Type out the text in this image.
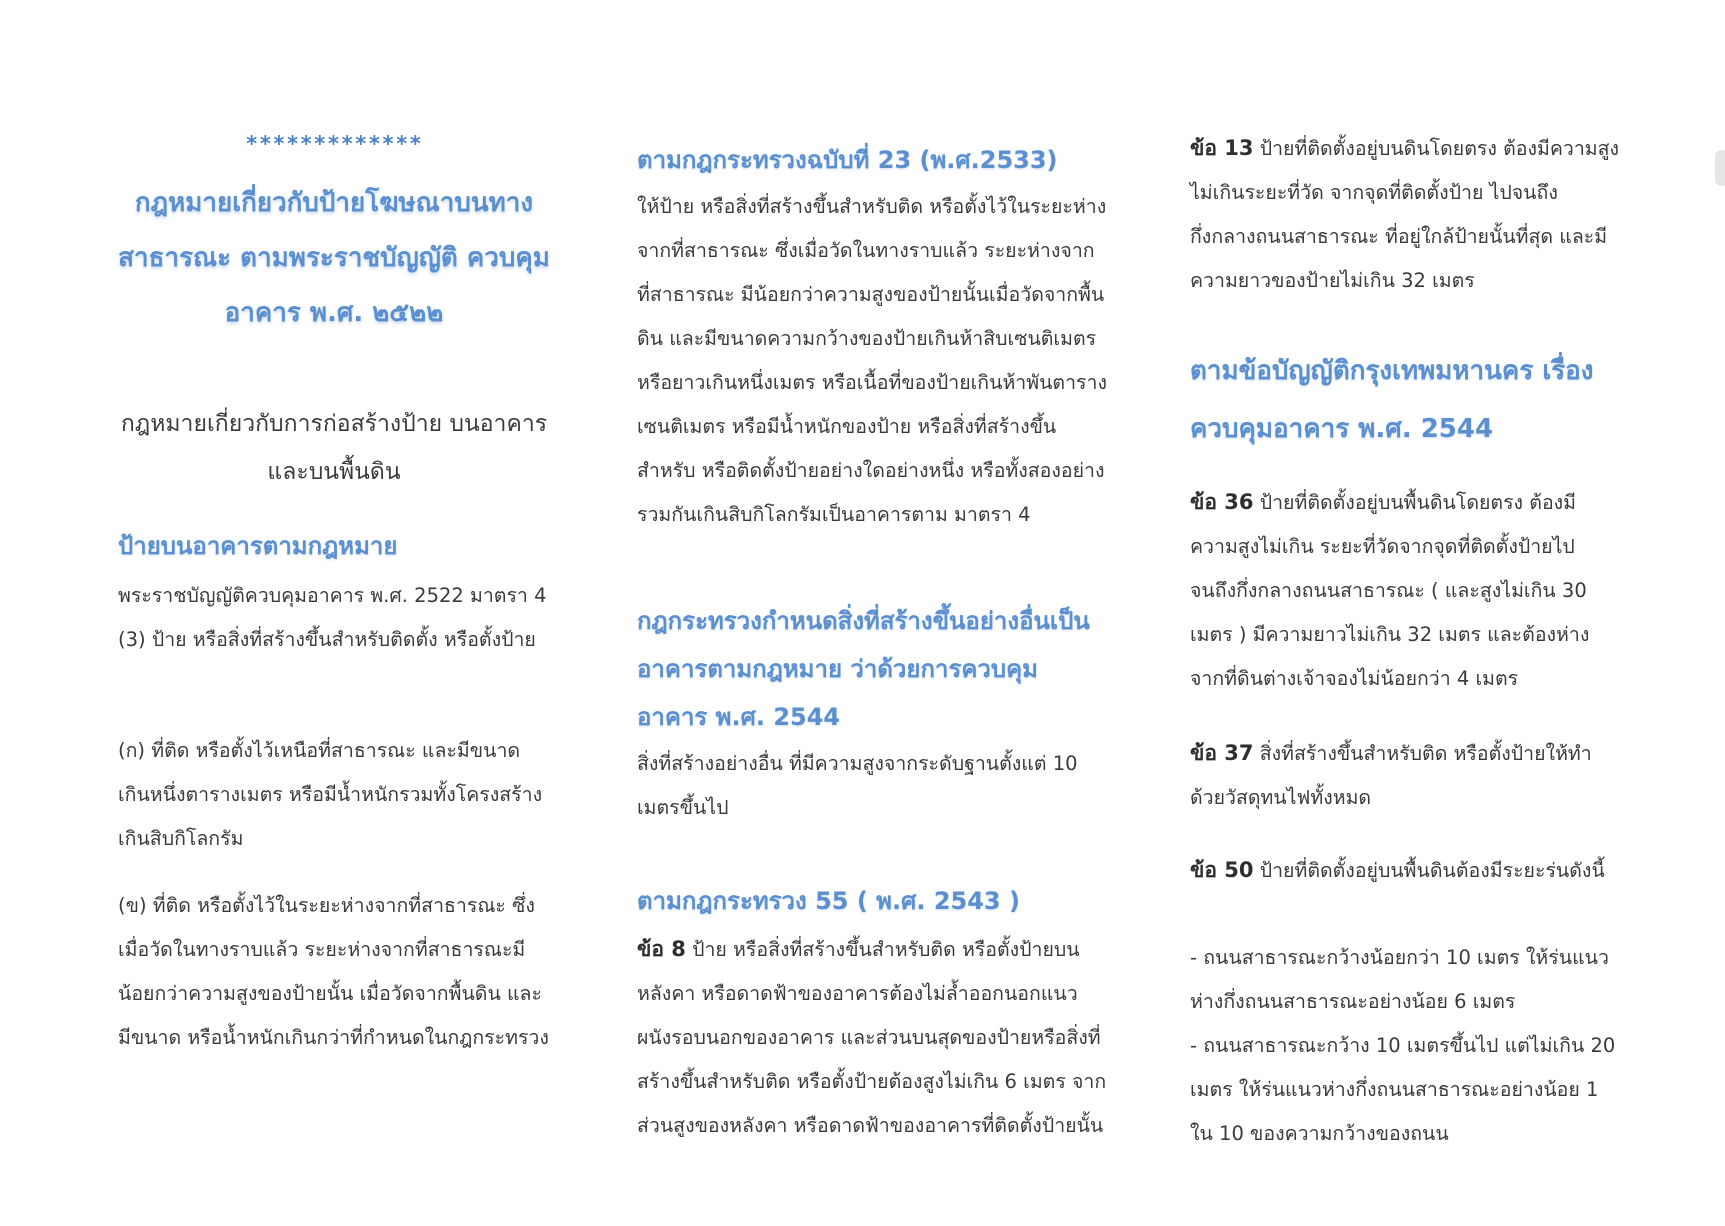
*************
กฎหมายเกี่ยวกับป้ายโฆษณาบนทาง สาธารณะ ตามพระราชบัญญัติ ควบคุมอาคาร พ.ศ. ๒๕๒๒
กฎหมายเกี่ยวกับการก่อสร้างป้าย บนอาคาร และบนพื้นดิน
ป้ายบนอาคารตามกฎหมาย

พระราชบัญญัติควบคุมอาคาร พ.ศ. 2522 มาตรา 4 (3) ป้าย หรือสิ่งที่สร้างขึ้นสำหรับติดตั้ง หรือตั้งป้าย

(ก) ที่ติด หรือตั้งไว้เหนือที่สาธารณะ และมีขนาดเกินหนึ่งตารางเมตร หรือมีน้ำหนักรวมทั้งโครงสร้างเกินสิบกิโลกรัม

(ข) ที่ติด หรือตั้งไว้ในระยะห่างจากที่สาธารณะ ซึ่งเมื่อวัดในทางราบแล้ว ระยะห่างจากที่สาธารณะมีน้อยกว่าความสูงของป้ายนั้น เมื่อวัดจากพื้นดิน และมีขนาด หรือน้ำหนักเกินกว่าที่กำหนดในกฎกระทรวง

ตามกฎกระทรวงฉบับที่ 23 (พ.ศ.2533)

ให้ป้าย หรือสิ่งที่สร้างขึ้นสำหรับติด หรือตั้งไว้ในระยะห่างจากที่สาธารณะ ซึ่งเมื่อวัดในทางราบแล้ว ระยะห่างจากที่สาธารณะ มีน้อยกว่าความสูงของป้ายนั้นเมื่อวัดจากพื้นดิน และมีขนาดความกว้างของป้ายเกินห้าสิบเซนติเมตร หรือยาวเกินหนึ่งเมตร หรือเนื้อที่ของป้ายเกินห้าพันตารางเซนติเมตร หรือมีน้ำหนักของป้าย หรือสิ่งที่สร้างขึ้นสำหรับ หรือติดตั้งป้ายอย่างใดอย่างหนึ่ง หรือทั้งสองอย่างรวมกันเกินสิบกิโลกรัมเป็นอาคารตาม มาตรา 4

กฎกระทรวงกำหนดสิ่งที่สร้างขึ้นอย่างอื่นเป็นอาคารตามกฎหมาย ว่าด้วยการควบคุมอาคาร พ.ศ. 2544

สิ่งที่สร้างอย่างอื่น ที่มีความสูงจากระดับฐานตั้งแต่ 10 เมตรขึ้นไป

ตามกฎกระทรวง 55 ( พ.ศ. 2543 )

ข้อ 8 ป้าย หรือสิ่งที่สร้างขึ้นสำหรับติด หรือตั้งป้ายบนหลังคา หรือดาดฟ้าของอาคารต้องไม่ล้ำออกนอกแนวผนังรอบนอกของอาคาร และส่วนบนสุดของป้ายหรือสิ่งที่สร้างขึ้นสำหรับติด หรือตั้งป้ายต้องสูงไม่เกิน 6 เมตร จากส่วนสูงของหลังคา หรือดาดฟ้าของอาคารที่ติดตั้งป้ายนั้น

ข้อ 13 ป้ายที่ติดตั้งอยู่บนดินโดยตรง ต้องมีความสูงไม่เกินระยะที่วัด จากจุดที่ติดตั้งป้าย ไปจนถึงกึ่งกลางถนนสาธารณะ ที่อยู่ใกล้ป้ายนั้นที่สุด และมีความยาวของป้ายไม่เกิน 32 เมตร

ตามข้อบัญญัติกรุงเทพมหานคร เรื่อง ควบคุมอาคาร พ.ศ. 2544

ข้อ 36 ป้ายที่ติดตั้งอยู่บนพื้นดินโดยตรง ต้องมีความสูงไม่เกิน ระยะที่วัดจากจุดที่ติดตั้งป้ายไปจนถึงกึ่งกลางถนนสาธารณะ ( และสูงไม่เกิน 30 เมตร ) มีความยาวไม่เกิน 32 เมตร และต้องห่างจากที่ดินต่างเจ้าจองไม่น้อยกว่า 4 เมตร

ข้อ 37 สิ่งที่สร้างขึ้นสำหรับติด หรือตั้งป้ายให้ทำด้วยวัสดุทนไฟทั้งหมด

ข้อ 50 ป้ายที่ติดตั้งอยู่บนพื้นดินต้องมีระยะร่นดังนี้

- ถนนสาธารณะกว้างน้อยกว่า 10 เมตร ให้ร่นแนวห่างกึ่งถนนสาธารณะอย่างน้อย 6 เมตร

- ถนนสาธารณะกว้าง 10 เมตรขึ้นไป แต่ไม่เกิน 20 เมตร ให้ร่นแนวห่างกึ่งถนนสาธารณะอย่างน้อย 1 ใน 10 ของความกว้างของถนน
